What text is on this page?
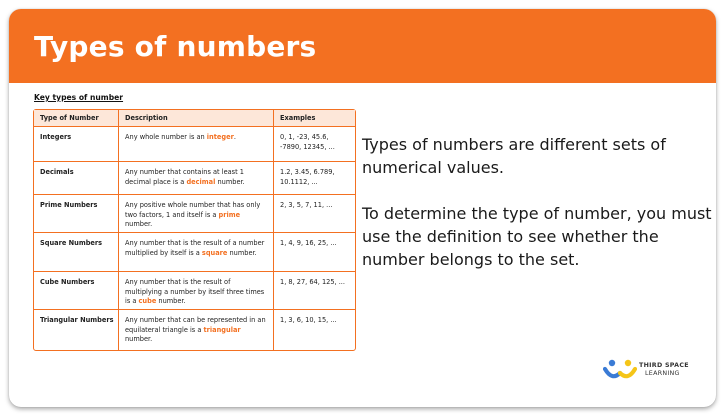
Types of numbers
Key types of number
Type of Number	Description	Examples
Integers	Any whole number is an integer.	0, 1, -23, 45.6, -7890, 12345, ...
Decimals	Any number that contains at least 1 decimal place is a decimal number.	1.2, 3.45, 6.789, 10.1112, ...
Prime Numbers	Any positive whole number that has only two factors, 1 and itself is a prime number.	2, 3, 5, 7, 11, ...
Square Numbers	Any number that is the result of a number multiplied by itself is a square number.	1, 4, 9, 16, 25, ...
Cube Numbers	Any number that is the result of multiplying a number by itself three times is a cube number.	1, 8, 27, 64, 125, ...
Triangular Numbers	Any number that can be represented in an equilateral triangle is a triangular number.	1, 3, 6, 10, 15, ...

Types of numbers are different sets of numerical values.

To determine the type of number, you must use the definition to see whether the number belongs to the set.

THIRD SPACE
LEARNING
